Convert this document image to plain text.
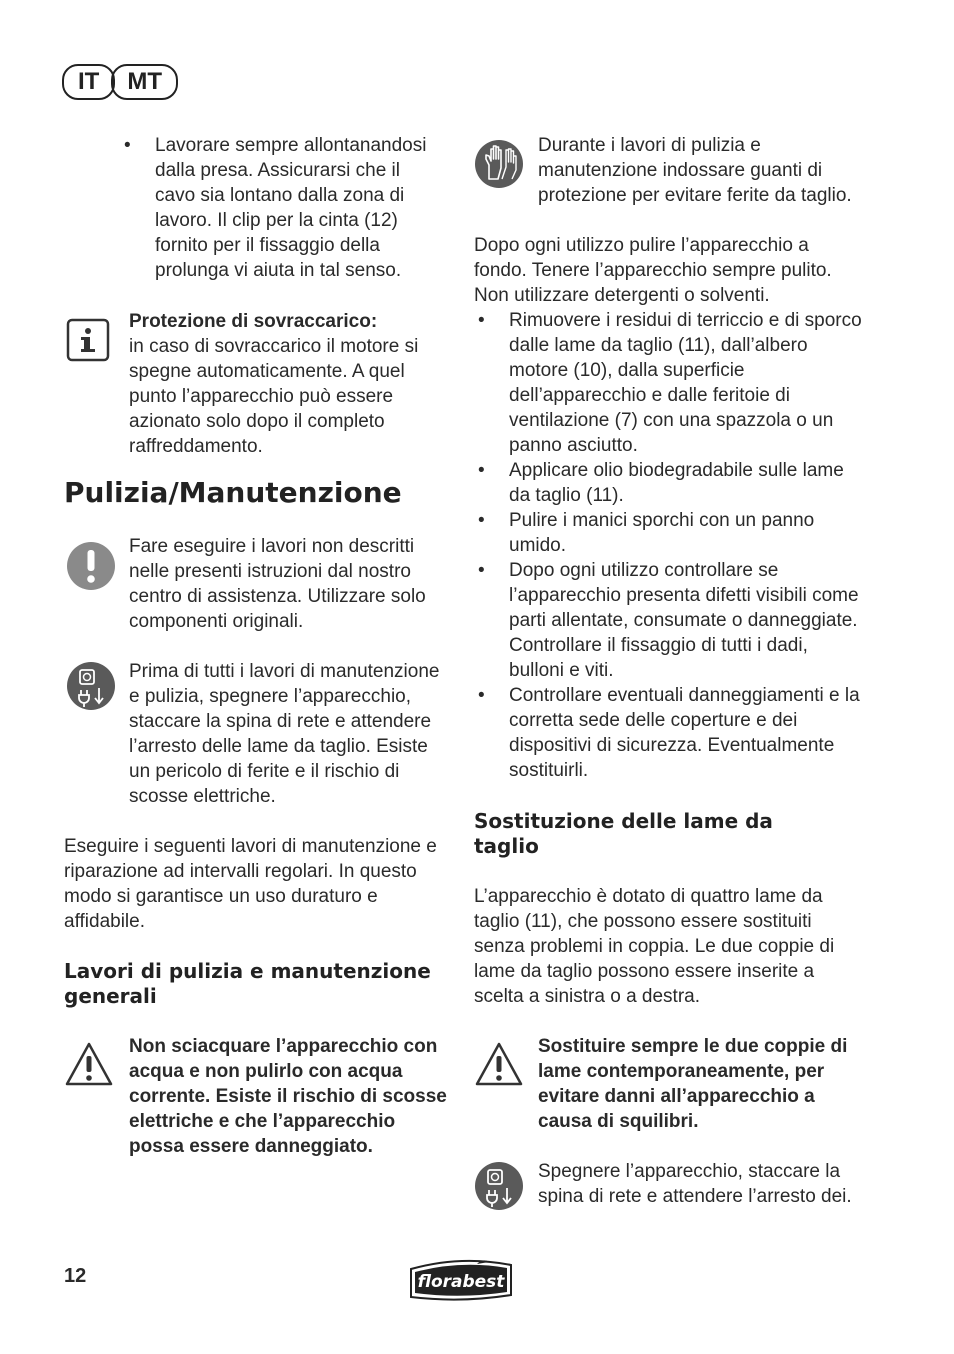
IT	MT
• Lavorare sempre allontanandosi dalla presa. Assicurarsi che il cavo sia lontano dalla zona di lavoro. Il clip per la cinta (12) fornito per il fissaggio della prolunga vi aiuta in tal senso.

Protezione di sovraccarico:

in caso di sovraccarico il motore si spegne automaticamente. A quel punto l’apparecchio può essere azionato solo dopo il completo raffreddamento.

Pulizia/Manutenzione
Fare eseguire i lavori non descritti nelle presenti istruzioni dal nostro centro di assistenza. Utilizzare solo componenti originali.
Prima di tutti i lavori di manutenzione e pulizia, spegnere l’apparecchio, staccare la spina di rete e attendere l’arresto delle lame da taglio. Esiste un pericolo di ferite e il rischio di scosse elettriche.
Eseguire i seguenti lavori di manutenzione e riparazione ad intervalli regolari. In questo modo si garantisce un uso duraturo e affidabile.
Lavori di pulizia e manutenzione generali
Non sciacquare l’apparecchio con acqua e non pulirlo con acqua corrente. Esiste il rischio di scosse elettriche e che l’apparecchio possa essere danneggiato.
Durante i lavori di pulizia e manutenzione indossare guanti di protezione per evitare ferite da taglio.
Dopo ogni utilizzo pulire l’apparecchio a fondo. Tenere l’apparecchio sempre pulito. Non utilizzare detergenti o solventi.
• Rimuovere i residui di terriccio e di sporco dalle lame da taglio (11), dall’albero motore (10), dalla superficie dell’apparecchio e dalle feritoie di ventilazione (7) con una spazzola o un panno asciutto.
• Applicare olio biodegradabile sulle lame da taglio (11).
• Pulire i manici sporchi con un panno umido.
• Dopo ogni utilizzo controllare se l’apparecchio presenta difetti visibili come parti allentate, consumate o danneggiate. Controllare il fissaggio di tutti i dadi, bulloni e viti.
• Controllare eventuali danneggiamenti e la corretta sede delle coperture e dei dispositivi di sicurezza. Eventualmente sostituirli.
Sostituzione delle lame da taglio
L’apparecchio è dotato di quattro lame da taglio (11), che possono essere sostituiti senza problemi in coppia. Le due coppie di lame da taglio possono essere inserite a scelta a sinistra o a destra.
Sostituire sempre le due coppie di lame contemporaneamente, per evitare danni all’apparecchio a causa di squilibri.
Spegnere l’apparecchio, staccare la spina di rete e attendere l’arresto dei.
12	florabest
